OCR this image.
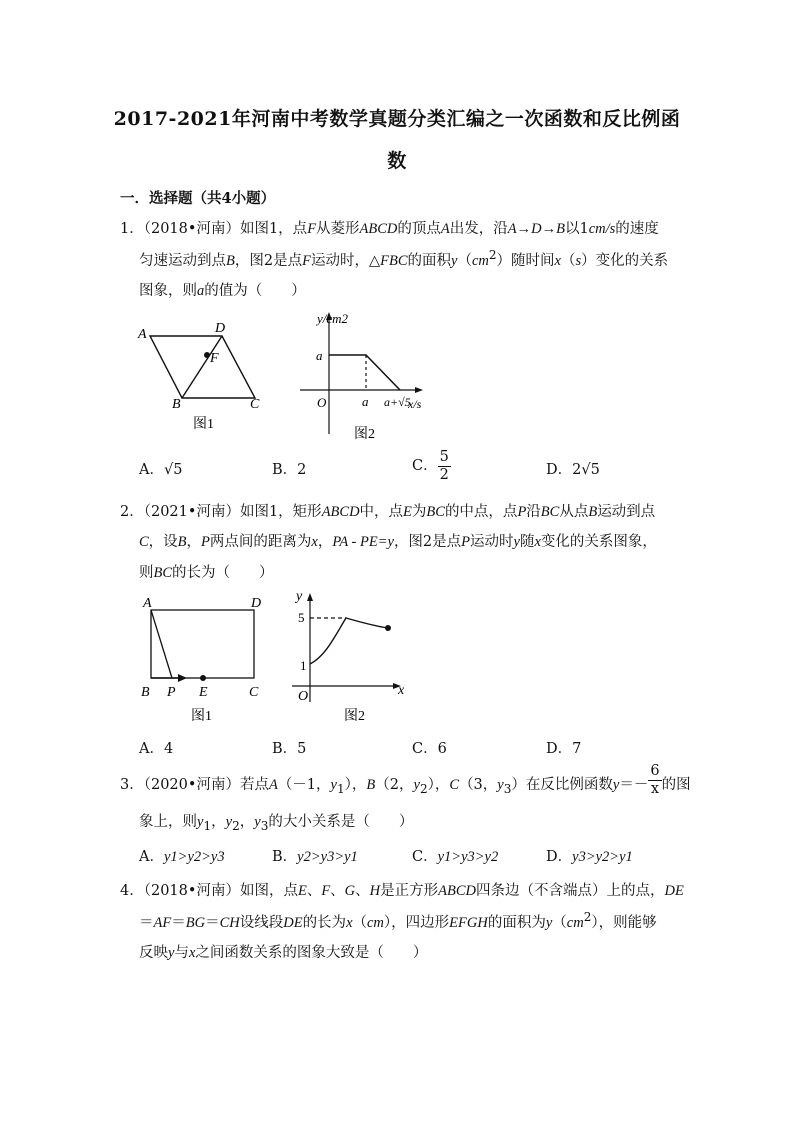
2017-2021年河南中考数学真题分类汇编之一次函数和反比例函
数
一．选择题（共4小题）
1．（2018•河南）如图1，点F从菱形ABCD的顶点A出发，沿A→D→B以1cm/s的速度
匀速运动到点B，图2是点F运动时，△FBC的面积$y(cm^2)$随时间x（s）变化的关系
图象，则a的值为（　　）
A	D
F
B	C
图1
y/cm2
a
O	a a+√5
x/s
图2
A．√5	B．2	C． $\frac{5}{2}$	D．2√5
2．（2021•河南）如图1，矩形ABCD中，点E为BC的中点，点P沿BC从点B运动到点
C，设B，P两点间的距离为x，PA - PE=y，图2是点P运动时y随x变化的关系图象，
则BC的长为（　　）
A	D
B P E	C
图1
y
5
1
O	x
图2
A．4	B．5	C．6	D．7
3．（2020•河南）若点A（－1，$y_1$），B（2，$y_2$），C（3，$y_3$）在反比例函数$y=- \frac{6}{x}$ 的图
象上，则$y_1$，$y_2$，$y_3$的大小关系是（　　）
A．y1>y2>y3	B．y2>y3>y1	C．y1>y3>y2	D．y3>y2>y1
4．（2018•河南）如图，点E、F、G、H是正方形ABCD四条边（不含端点）上的点，DE
＝AF＝BG＝CH设线段DE的长为x（cm），四边形EFGH的面积为$y(cm^2)$，则能够
反映y与x之间函数关系的图象大致是（　　）
